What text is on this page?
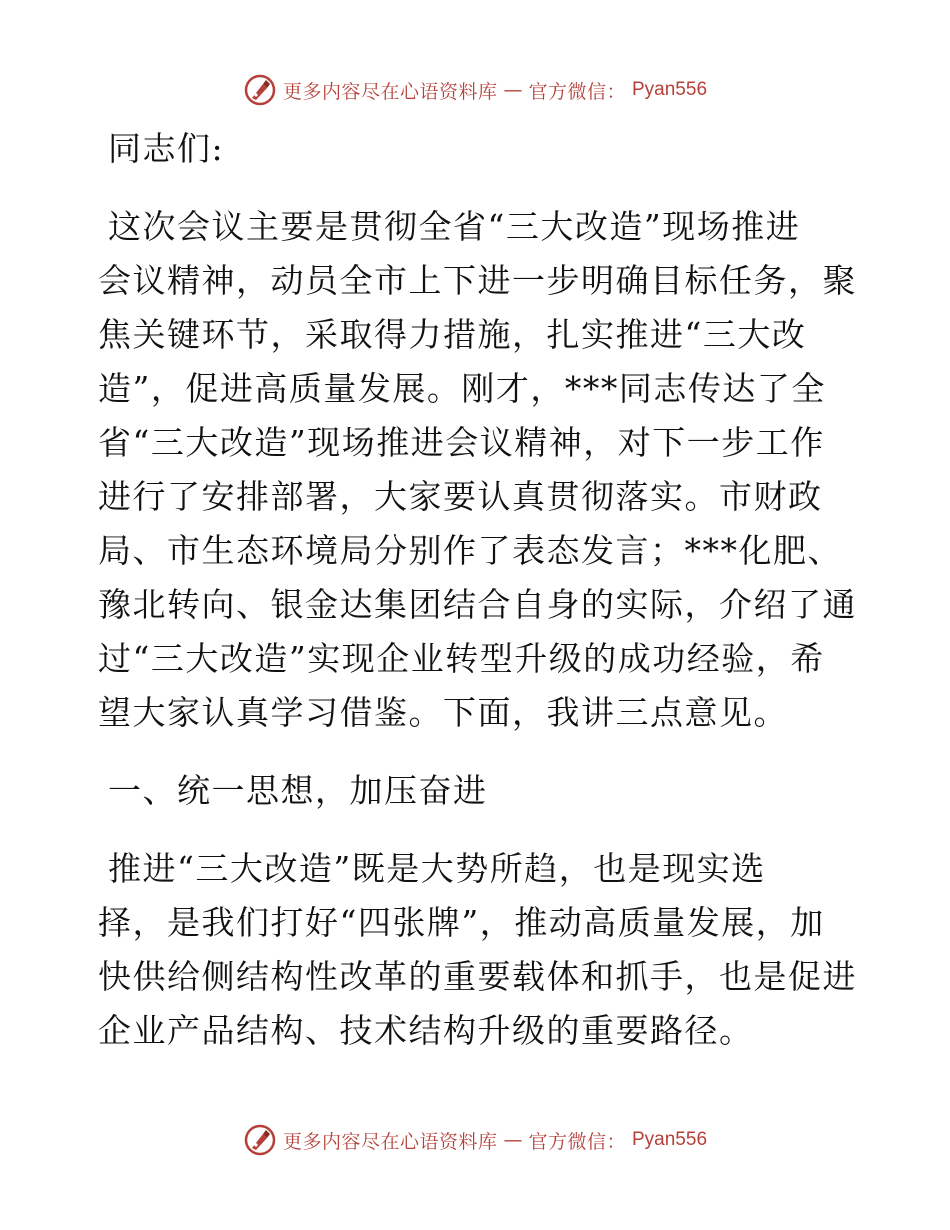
更多内容尽在心语资料库 — 官方微信： Pyan556
同志们:
这次会议主要是贯彻全省“三大改造”现场推进
会议精神，动员全市上下进一步明确目标任务，聚
焦关键环节，采取得力措施，扎实推进“三大改
造”，促进高质量发展。刚才，***同志传达了全
省“三大改造”现场推进会议精神，对下一步工作
进行了安排部署，大家要认真贯彻落实。市财政
局、市生态环境局分别作了表态发言；***化肥、
豫北转向、银金达集团结合自身的实际，介绍了通
过“三大改造”实现企业转型升级的成功经验，希
望大家认真学习借鉴。下面，我讲三点意见。
一、统一思想，加压奋进
推进“三大改造”既是大势所趋，也是现实选
择，是我们打好“四张牌”，推动高质量发展，加
快供给侧结构性改革的重要载体和抓手，也是促进
企业产品结构、技术结构升级的重要路径。
更多内容尽在心语资料库 — 官方微信： Pyan556
